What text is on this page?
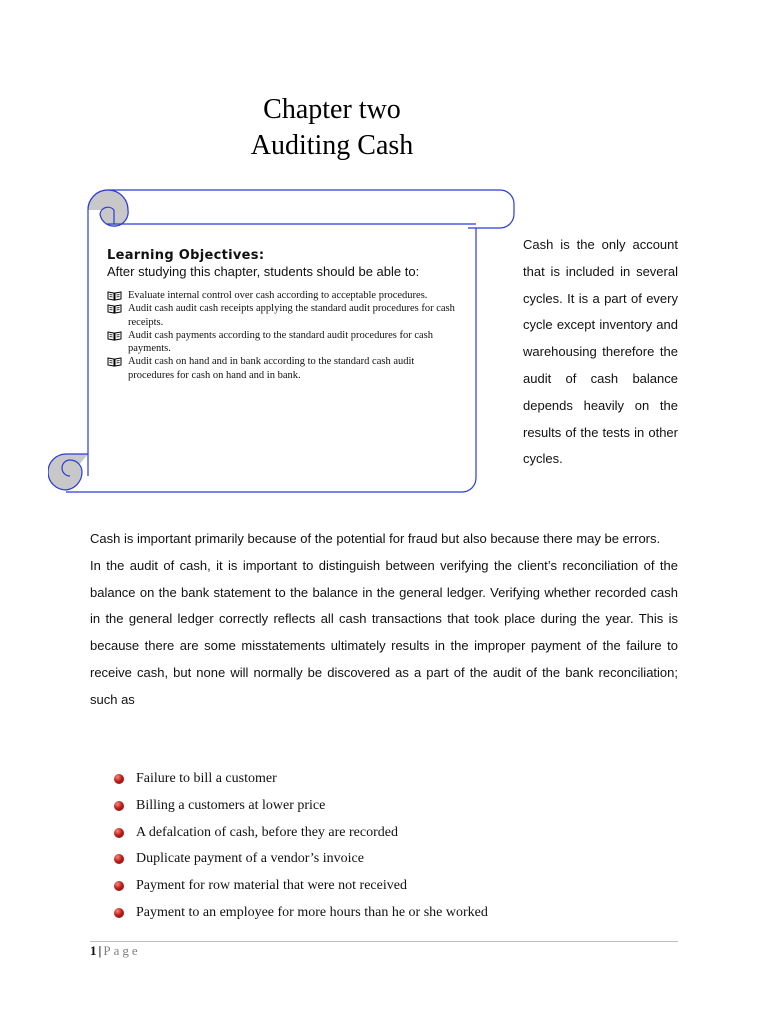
Chapter two
Auditing Cash
Learning Objectives:
After studying this chapter, students should be able to:
Evaluate internal control over cash according to acceptable procedures.
Audit cash audit cash receipts applying the standard audit procedures for cash receipts.
Audit cash payments according to the standard audit procedures for cash payments.
Audit cash on hand and in bank according to the standard cash audit procedures for cash on hand and in bank.
Cash is the only account that is included in several cycles. It is a part of every cycle except inventory and warehousing therefore the audit of cash balance depends heavily on the results of the tests in other cycles.

Cash is important primarily because of the potential for fraud but also because there may be errors.

In the audit of cash, it is important to distinguish between verifying the client’s reconciliation of the balance on the bank statement to the balance in the general ledger. Verifying whether recorded cash in the general ledger correctly reflects all cash transactions that took place during the year. This is because there are some misstatements ultimately results in the improper payment of the failure to receive cash, but none will normally be discovered as a part of the audit of the bank reconciliation; such as

Failure to bill a customer
Billing a customers at lower price
A defalcation of cash, before they are recorded
Duplicate payment of a vendor’s invoice
Payment for row material that were not received
Payment to an employee for more hours than he or she worked
1 | Page
